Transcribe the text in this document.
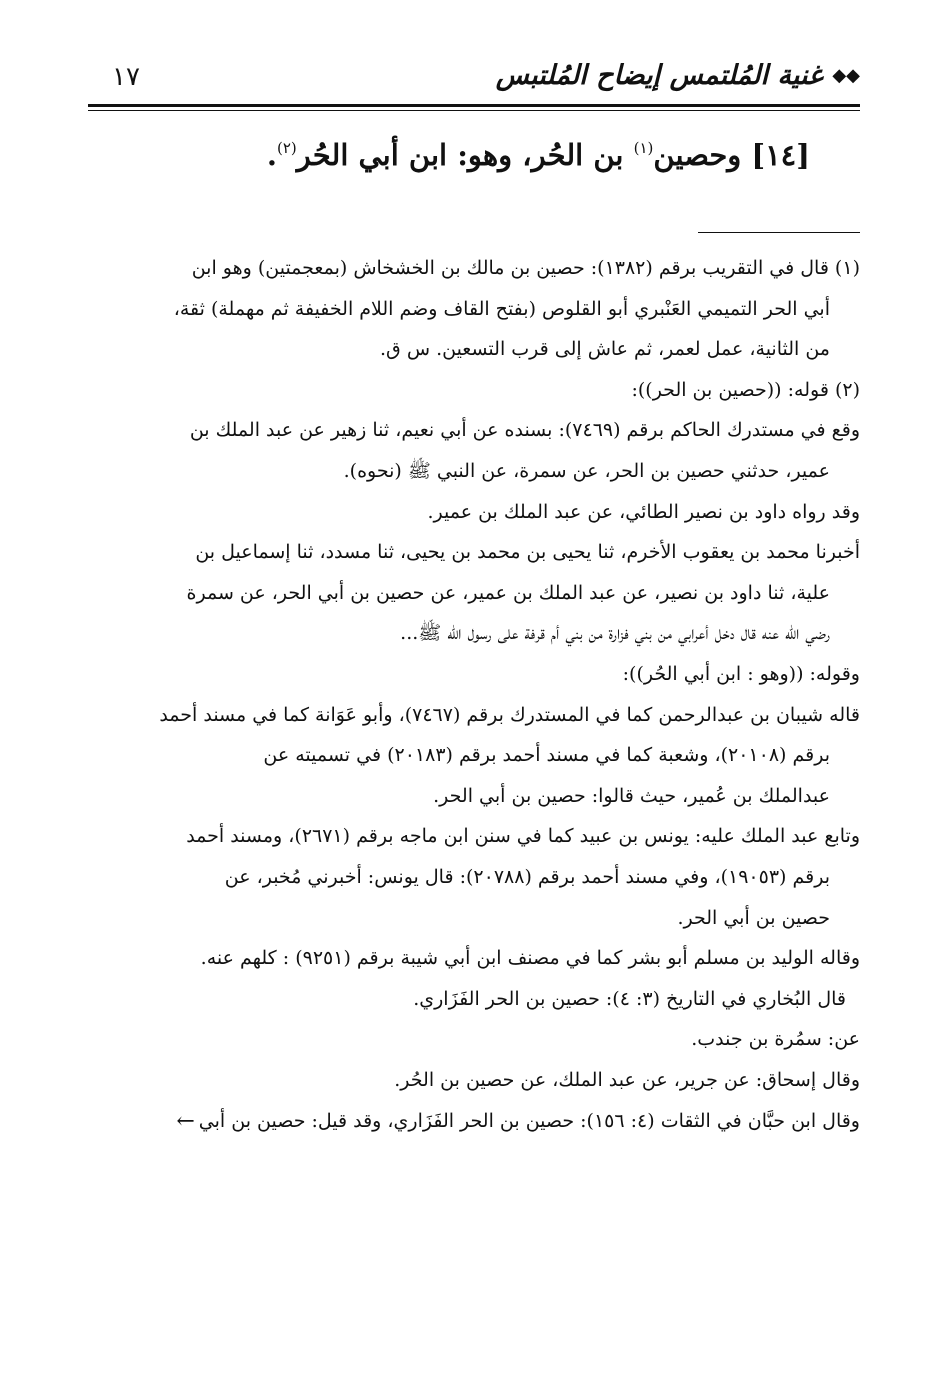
◆◆غنية المُلتمس إيضاح المُلتبس
١٧
[١٤] وحصين$^{(١)}$ بن الحُر، وهو: ابن أبي الحُر$^{(٢)}$.
(١) قال في التقريب برقم (١٣٨٢): حصين بن مالك بن الخشخاش (بمعجمتين) وهو ابن
أبي الحر التميمي العَنْبري أبو القلوص (بفتح القاف وضم اللام الخفيفة ثم مهملة) ثقة،
من الثانية، عمل لعمر، ثم عاش إلى قرب التسعين. س ق.
(٢) قوله: ((حصين بن الحر)):
وقع في مستدرك الحاكم برقم (٧٤٦٩): بسنده عن أبي نعيم، ثنا زهير عن عبد الملك بن
عمير، حدثني حصين بن الحر، عن سمرة، عن النبي ﷺ (نحوه).
وقد رواه داود بن نصير الطائي، عن عبد الملك بن عمير.
أخبرنا محمد بن يعقوب الأخرم، ثنا يحيى بن محمد بن يحيى، ثنا مسدد، ثنا إسماعيل بن
علية، ثنا داود بن نصير، عن عبد الملك بن عمير، عن حصين بن أبي الحر، عن سمرة
رضي الله عنه قال دخل أعرابي من بني فزارة من بني أم قرفة على رسول الله ﷺ...
وقوله: ((وهو : ابن أبي الحُر)):
قاله شيبان بن عبدالرحمن كما في المستدرك برقم (٧٤٦٧)، وأبو عَوَانة كما في مسند أحمد
برقم (٢٠١٠٨)، وشعبة كما في مسند أحمد برقم (٢٠١٨٣) في تسميته عن
عبدالملك بن عُمير، حيث قالوا: حصين بن أبي الحر.
وتابع عبد الملك عليه: يونس بن عبيد كما في سنن ابن ماجه برقم (٢٦٧١)، ومسند أحمد
برقم (١٩٠٥٣)، وفي مسند أحمد برقم (٢٠٧٨٨): قال يونس: أخبرني مُخبر، عن
حصين بن أبي الحر.
وقاله الوليد بن مسلم أبو بشر كما في مصنف ابن أبي شيبة برقم (٩٢٥١) : كلهم عنه.
قال البُخاري في التاريخ (٣: ٤): حصين بن الحر الفَزَاري.
عن: سمُرة بن جندب.
وقال إسحاق: عن جرير، عن عبد الملك، عن حصين بن الحُر.
وقال ابن حبَّان في الثقات (٤: ١٥٦): حصين بن الحر الفَزَاري، وقد قيل: حصين بن أبي←
